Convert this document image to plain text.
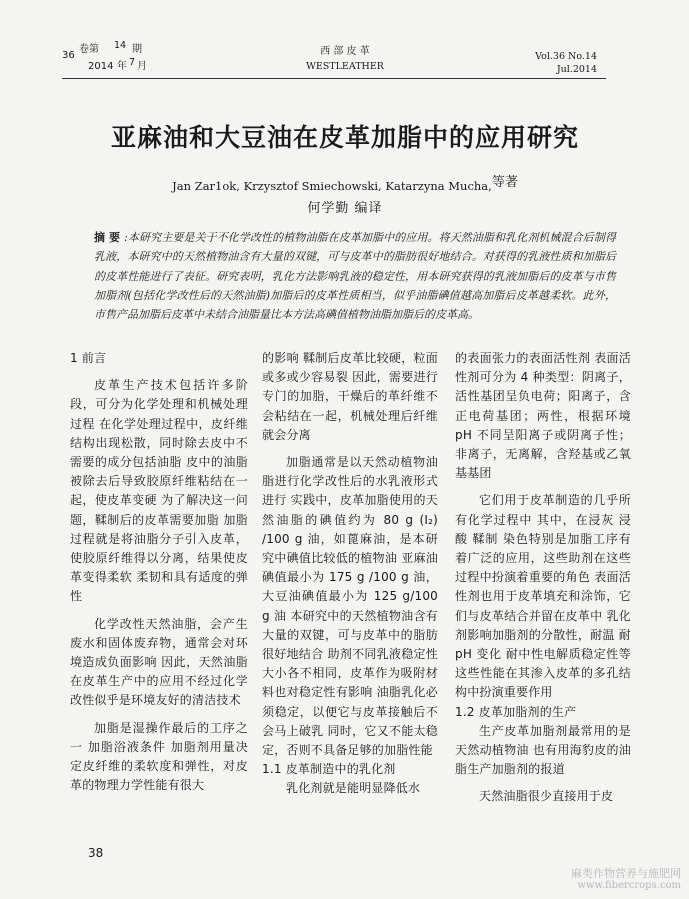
36
卷第 14 期
2014 年 7 月
西 部 皮 革
WESTLEATHER
Vol.36 No.14
Jul.2014
亚麻油和大豆油在皮革加脂中的应用研究
Jan Zar1ok, Krzysztof Smiechowski, Katarzyna Mucha,等著
何学勤 编译
摘 要 :本研究主要是关于不化学改性的植物油脂在皮革加脂中的应用。将天然油脂和乳化剂机械混合后制得乳液，本研究中的天然植物油含有大量的双键，可与皮革中的脂肪很好地结合。对获得的乳液性质和加脂后的皮革性能进行了表征。研究表明，乳化方法影响乳液的稳定性，用本研究获得的乳液加脂后的皮革与市售加脂剂(包括化学改性后的天然油脂)加脂后的皮革性质相当，似乎油脂碘值越高加脂后皮革越柔软。此外，市售产品加脂后皮革中未结合油脂量比本方法高碘值植物油脂加脂后的皮革高。
1 前言

皮革生产技术包括许多阶段，可分为化学处理和机械处理过程 在化学处理过程中，皮纤维结构出现松散，同时除去皮中不需要的成分包括油脂 皮中的油脂被除去后导致胶原纤维粘结在一起，使皮革变硬 为了解决这一问题，鞣制后的皮革需要加脂 加脂过程就是将油脂分子引入皮革，使胶原纤维得以分离，结果使皮革变得柔软 柔韧和具有适度的弹性

化学改性天然油脂，会产生废水和固体废弃物，通常会对环境造成负面影响 因此，天然油脂在皮革生产中的应用不经过化学改性似乎是环境友好的清洁技术

加脂是湿操作最后的工序之一 加脂浴液条件 加脂剂用量决定皮纤维的柔软度和弹性，对皮革的物理力学性能有很大

的影响 鞣制后皮革比较硬，粒面或多或少容易裂 因此，需要进行专门的加脂，干燥后的革纤维不会粘结在一起，机械处理后纤维就会分离

加脂通常是以天然动植物油脂进行化学改性后的水乳液形式进行 实践中，皮革加脂使用的天然油脂的碘值约为 80 g (I₂) /100 g 油，如蓖麻油，是本研究中碘值比较低的植物油 亚麻油碘值最小为 175 g /100 g 油，大豆油碘值最小为 125 g/100 g 油 本研究中的天然植物油含有大量的双键，可与皮革中的脂肪很好地结合 助剂不同乳液稳定性大小各不相同，皮革作为吸附材料也对稳定性有影响 油脂乳化必须稳定，以便它与皮革接触后不会马上破乳 同时，它又不能太稳定，否则不具备足够的加脂性能

1.1 皮革制造中的乳化剂

乳化剂就是能明显降低水

的表面张力的表面活性剂 表面活性剂可分为 4 种类型：阴离子，活性基团呈负电荷；阳离子，含正电荷基团；两性，根据环境 pH 不同呈阳离子或阴离子性；非离子，无离解，含羟基或乙氧基基团

它们用于皮革制造的几乎所有化学过程中 其中，在浸灰 浸酸 鞣制 染色特别是加脂工序有着广泛的应用，这些助剂在这些过程中扮演着重要的角色 表面活性剂也用于皮革填充和涂饰，它们与皮革结合并留在皮革中 乳化剂影响加脂剂的分散性，耐温 耐 pH 变化 耐中性电解质稳定性等 这些性能在其渗入皮革的多孔结构中扮演重要作用

1.2 皮革加脂剂的生产

生产皮革加脂剂最常用的是天然动植物油 也有用海豹皮的油脂生产加脂剂的报道

天然油脂很少直接用于皮

38
麻类作物营养与施肥网
www.fibercrops.com
